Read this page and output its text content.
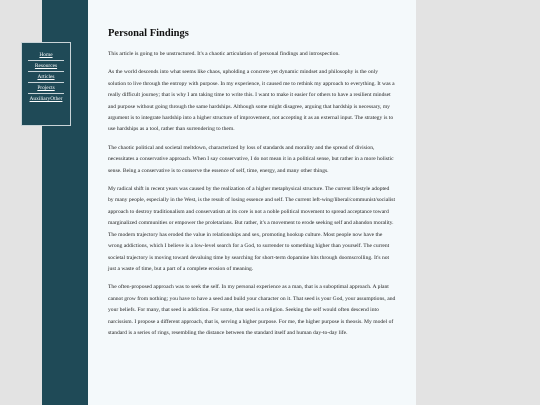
Home
Resources
Articles
Projects
AuxiliaryOther
Personal Findings

This article is going to be unstructured. It's a chaotic articulation of personal findings and introspection.

As the world descends into what seems like chaos, upholding a concrete yet dynamic mindset and philosophy is the only solution to live through the entropy with purpose. In my experience, it caused me to rethink my approach to everything. It was a really difficult journey; that is why I am taking time to write this. I want to make it easier for others to have a resilient mindset and purpose without going through the same hardships. Although some might disagree, arguing that hardship is necessary, my argument is to integrate hardship into a higher structure of improvement, not accepting it as an external input. The strategy is to use hardships as a tool, rather than surrendering to them.

The chaotic political and societal meltdown, characterized by loss of standards and morality and the spread of division, necessitates a conservative approach. When I say conservative, I do not mean it in a political sense, but rather in a more holistic sense. Being a conservative is to conserve the essence of self, time, energy, and many other things.

My radical shift in recent years was caused by the realization of a higher metaphysical structure. The current lifestyle adopted by many people, especially in the West, is the result of losing essence and self. The current left-wing/liberal/communist/socialist approach to destroy traditionalism and conservatism at its core is not a noble political movement to spread acceptance toward marginalized communities or empower the proletarians. But rather, it's a movement to erode seeking self and abandon morality. The modern trajectory has eroded the value in relationships and sex, promoting hookup culture. Most people now have the wrong addictions, which I believe is a low-level search for a God, to surrender to something higher than yourself. The current societal trajectory is moving toward devaluing time by searching for short-term dopamine hits through doomscrolling. It's not just a waste of time, but a part of a complete erosion of meaning.

The often-proposed approach was to seek the self. In my personal experience as a man, that is a suboptimal approach. A plant cannot grow from nothing; you have to have a seed and build your character on it. That seed is your God, your assumptions, and your beliefs. For many, that seed is addiction. For some, that seed is a religion. Seeking the self would often descend into narcissism. I propose a different approach, that is, serving a higher purpose. For me, the higher purpose is theosis. My model of standard is a series of rings, resembling the distance between the standard itself and human day-to-day life.
